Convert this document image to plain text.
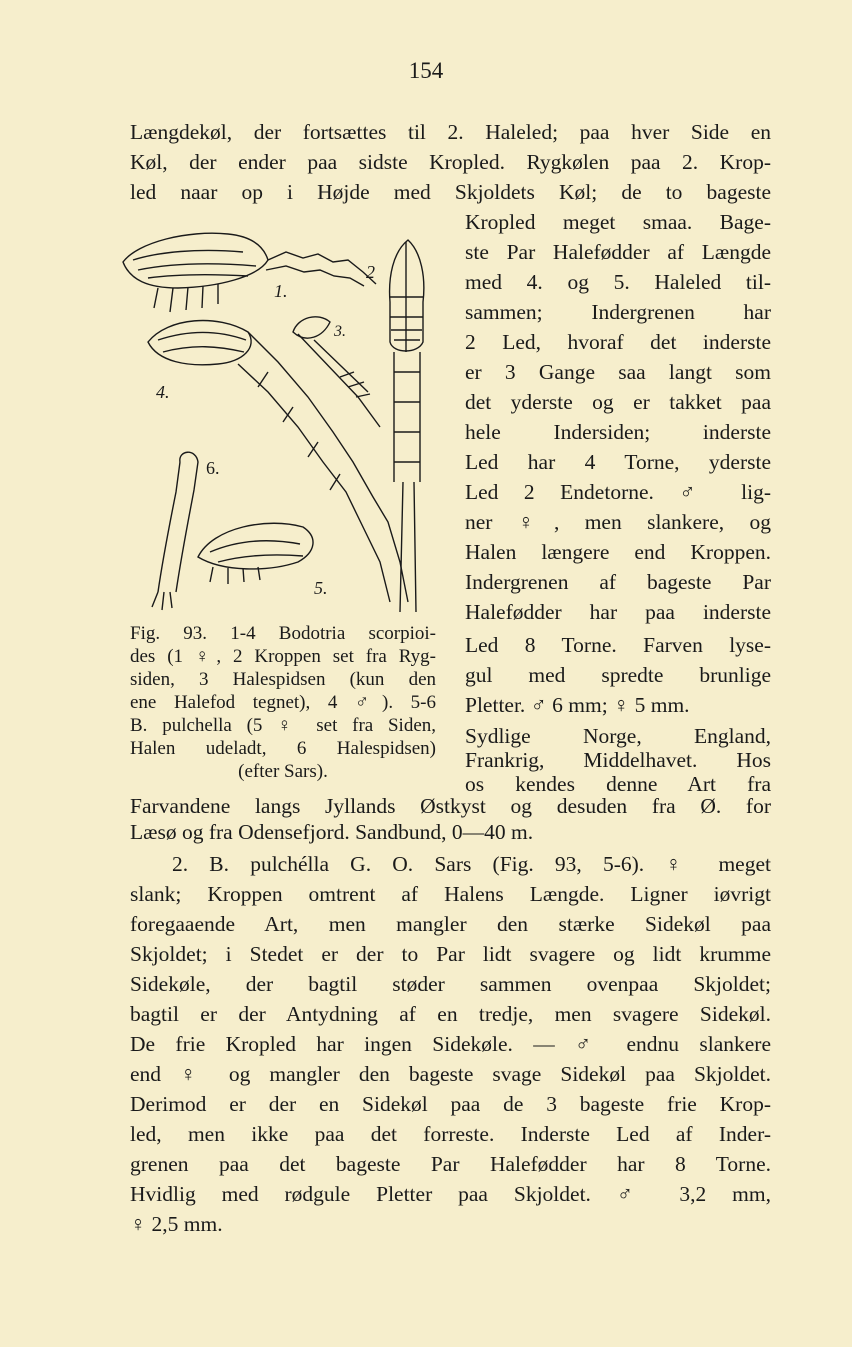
154
Længdekøl, der fortsættes til 2. Haleled; paa hver Side en
Køl, der ender paa sidste Kropled. Rygkølen paa 2. Krop-
led naar op i Højde med Skjoldets Køl; de to bageste
Kropled meget smaa. Bage-
ste Par Halefødder af Længde
med 4. og 5. Haleled til-
sammen; Indergrenen har
2 Led, hvoraf det inderste
er 3 Gange saa langt som
det yderste og er takket paa
hele Indersiden; inderste
Led har 4 Torne, yderste
Led 2 Endetorne. ♂ lig-
ner ♀, men slankere, og
Halen længere end Kroppen.
Indergrenen af bageste Par
Halefødder har paa inderste
Led 8 Torne. Farven lyse-
gul med spredte brunlige
Pletter. ♂ 6 mm; ♀ 5 mm.
Sydlige Norge, England,
Frankrig, Middelhavet. Hos
os kendes denne Art fra
1.
2
3.
4.
5.
6.
Fig. 93. 1-4 Bodotria scorpioi-
des (1 ♀, 2 Kroppen set fra Ryg-
siden, 3 Halespidsen (kun den
ene Halefod tegnet), 4 ♂). 5-6
B. pulchella (5 ♀ set fra Siden,
Halen udeladt, 6 Halespidsen)
(efter Sars).
Farvandene langs Jyllands Østkyst og desuden fra Ø. for
Læsø og fra Odensefjord. Sandbund, 0—40 m.
2. B. pulchélla G. O. Sars (Fig. 93, 5-6). ♀ meget
slank; Kroppen omtrent af Halens Længde. Ligner iøvrigt
foregaaende Art, men mangler den stærke Sidekøl paa
Skjoldet; i Stedet er der to Par lidt svagere og lidt krumme
Sidekøle, der bagtil støder sammen ovenpaa Skjoldet;
bagtil er der Antydning af en tredje, men svagere Sidekøl.
De frie Kropled har ingen Sidekøle. — ♂ endnu slankere
end ♀ og mangler den bageste svage Sidekøl paa Skjoldet.
Derimod er der en Sidekøl paa de 3 bageste frie Krop-
led, men ikke paa det forreste. Inderste Led af Inder-
grenen paa det bageste Par Halefødder har 8 Torne.
Hvidlig med rødgule Pletter paa Skjoldet. ♂ 3,2 mm,
♀ 2,5 mm.
